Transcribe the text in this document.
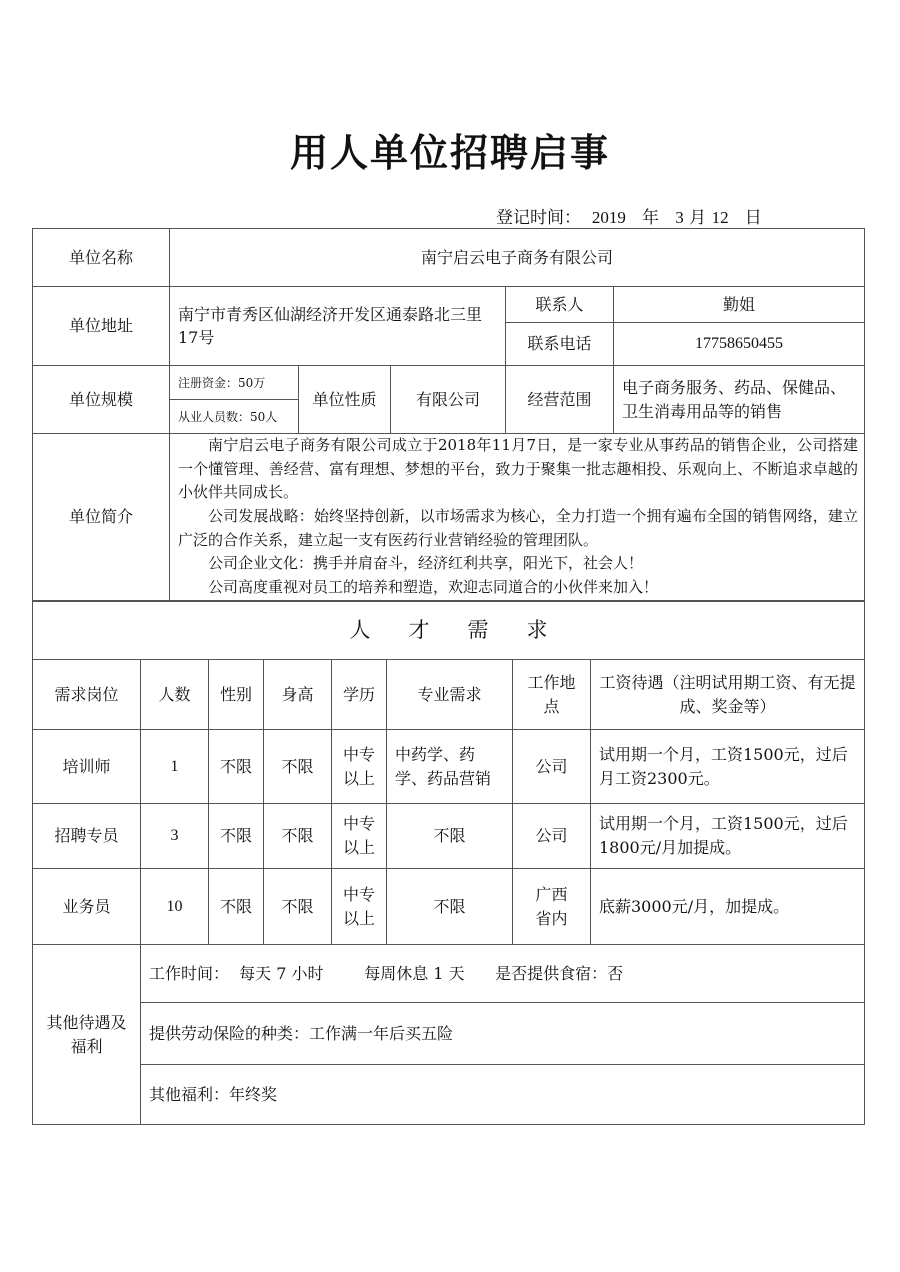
用人单位招聘启事
登记时间： 2019 年 3 月 12 日
单位名称	南宁启云电子商务有限公司				
单位地址	南宁市青秀区仙湖经济开发区通泰路北三里17号			联系人	勤姐
				联系电话	17758650455
单位规模	注册资金：50万	单位性质	有限公司	经营范围	电子商务服务、药品、保健品、卫生消毒用品等的销售
	从业人员数：50人				
单位简介	南宁启云电子商务有限公司成立于2018年11月7日，是一家专业从事药品的销售企业，公司搭建一个懂管理、善经营、富有理想、梦想的平台，致力于聚集一批志趣相投、乐观向上、不断追求卓越的小伙伴共同成长。

公司发展战略：始终坚持创新，以市场需求为核心，全力打造一个拥有遍布全国的销售网络，建立广泛的合作关系，建立起一支有医药行业营销经验的管理团队。

公司企业文化：携手并肩奋斗，经济红利共享，阳光下，社会人！

公司高度重视对员工的培养和塑造，欢迎志同道合的小伙伴来加入！				

人才需求							
需求岗位	人数	性别	身高	学历	专业需求	工作地点	工资待遇（注明试用期工资、有无提成、奖金等）
培训师	1	不限	不限	中专以上	中药学、药学、药品营销	公司	试用期一个月，工资1500元，过后月工资2300元。
招聘专员	3	不限	不限	中专以上	不限	公司	试用期一个月，工资1500元，过后1800元/月加提成。
业务员	10	不限	不限	中专以上	不限	广西省内	底薪3000元/月，加提成。
其他待遇及福利	工作时间：  每天 7 小时        每周休息 1 天      是否提供食宿：否
提供劳动保险的种类：工作满一年后买五险
其他福利：年终奖
